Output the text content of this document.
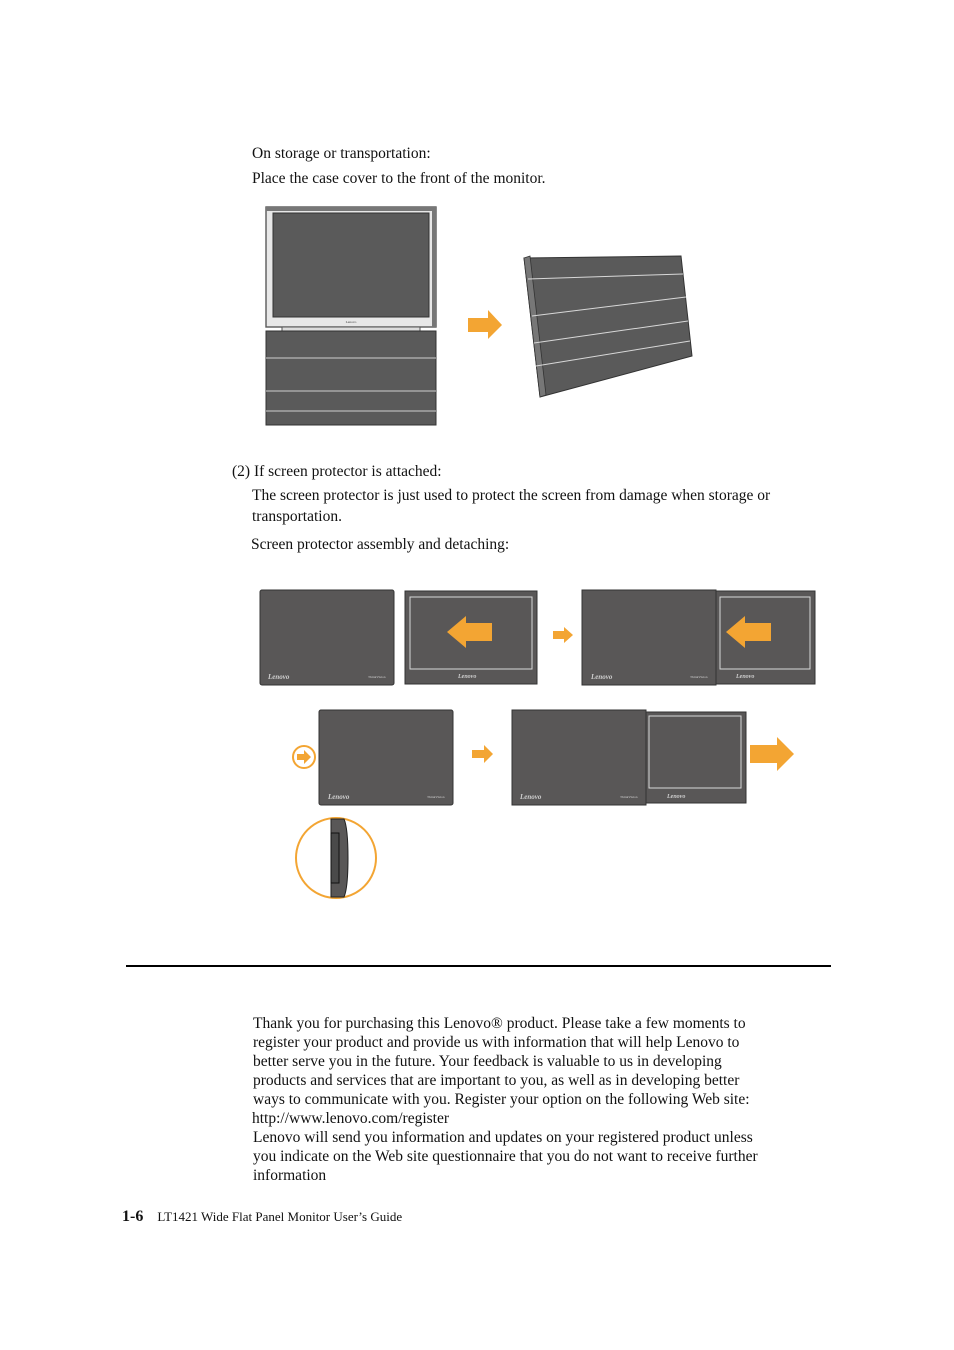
On storage or transportation:
Place the case cover to the front of the monitor.
Lenovo
(2) If screen protector is attached:
The screen protector is just used to protect the screen from damage when storage or
transportation.
Screen protector assembly and detaching:
Lenovo	ThinkVision	Lenovo	Lenovo	ThinkVision	Lenovo
Lenovo	ThinkVision	Lenovo	ThinkVision	Lenovo
Thank you for purchasing this Lenovo® product. Please take a few moments to
register your product and provide us with information that will help Lenovo to
better serve you in the future. Your feedback is valuable to us in developing
products and services that are important to you, as well as in developing better
ways to communicate with you. Register your option on the following Web site:
http://www.lenovo.com/register
Lenovo will send you information and updates on your registered product unless
you indicate on the Web site questionnaire that you do not want to receive further
information
1-6 LT1421 Wide Flat Panel Monitor User’s Guide
